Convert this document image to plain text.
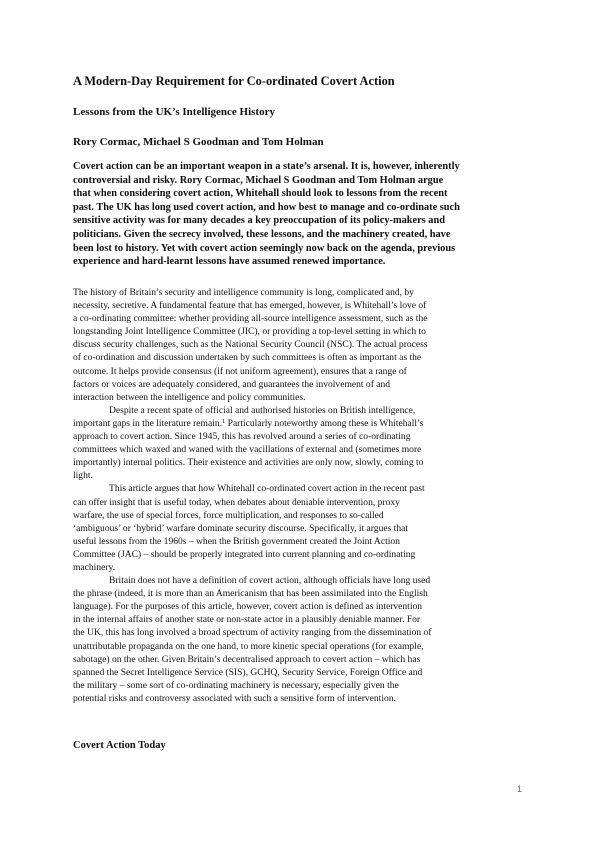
A Modern-Day Requirement for Co-ordinated Covert Action
Lessons from the UK’s Intelligence History
Rory Cormac, Michael S Goodman and Tom Holman
Covert action can be an important weapon in a state’s arsenal. It is, however, inherently
controversial and risky. Rory Cormac, Michael S Goodman and Tom Holman argue
that when considering covert action, Whitehall should look to lessons from the recent
past. The UK has long used covert action, and how best to manage and co-ordinate such
sensitive activity was for many decades a key preoccupation of its policy-makers and
politicians. Given the secrecy involved, these lessons, and the machinery created, have
been lost to history. Yet with covert action seemingly now back on the agenda, previous
experience and hard-learnt lessons have assumed renewed importance.
The history of Britain’s security and intelligence community is long, complicated and, by
necessity, secretive. A fundamental feature that has emerged, however, is Whitehall’s love of
a co-ordinating committee: whether providing all-source intelligence assessment, such as the
longstanding Joint Intelligence Committee (JIC), or providing a top-level setting in which to
discuss security challenges, such as the National Security Council (NSC). The actual process
of co-ordination and discussion undertaken by such committees is often as important as the
outcome. It helps provide consensus (if not uniform agreement), ensures that a range of
factors or voices are adequately considered, and guarantees the involvement of and
interaction between the intelligence and policy communities.
Despite a recent spate of official and authorised histories on British intelligence,
important gaps in the literature remain.$^1$ Particularly noteworthy among these is Whitehall’s
approach to covert action. Since 1945, this has revolved around a series of co-ordinating
committees which waxed and waned with the vacillations of external and (sometimes more
importantly) internal politics. Their existence and activities are only now, slowly, coming to
light.
This article argues that how Whitehall co-ordinated covert action in the recent past
can offer insight that is useful today, when debates about deniable intervention, proxy
warfare, the use of special forces, force multiplication, and responses to so-called
‘ambiguous’ or ‘hybrid’ warfare dominate security discourse. Specifically, it argues that
useful lessons from the 1960s – when the British government created the Joint Action
Committee (JAC) – should be properly integrated into current planning and co-ordinating
machinery.
Britain does not have a definition of covert action, although officials have long used
the phrase (indeed, it is more than an Americanism that has been assimilated into the English
language). For the purposes of this article, however, covert action is defined as intervention
in the internal affairs of another state or non-state actor in a plausibly deniable manner. For
the UK, this has long involved a broad spectrum of activity ranging from the dissemination of
unattributable propaganda on the one hand, to more kinetic special operations (for example,
sabotage) on the other. Given Britain’s decentralised approach to covert action – which has
spanned the Secret Intelligence Service (SIS), GCHQ, Security Service, Foreign Office and
the military – some sort of co-ordinating machinery is necessary, especially given the
potential risks and controversy associated with such a sensitive form of intervention.
Covert Action Today
1
